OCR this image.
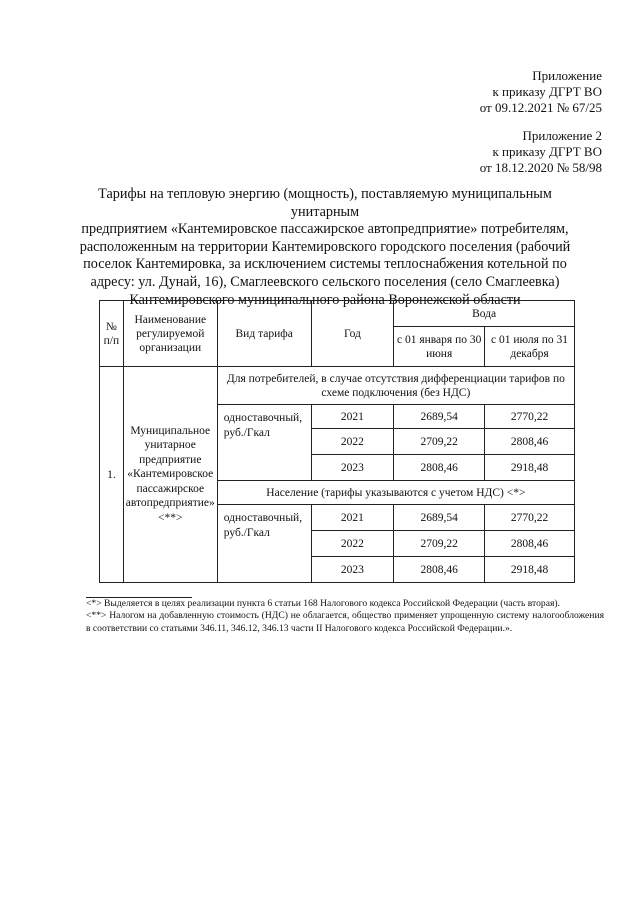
Приложение
к приказу ДГРТ ВО
от 09.12.2021 № 67/25
Приложение 2
к приказу ДГРТ ВО
от 18.12.2020 № 58/98
Тарифы на тепловую энергию (мощность), поставляемую муниципальным унитарным
предприятием «Кантемировское пассажирское автопредприятие» потребителям,
расположенным на территории Кантемировского городского поселения (рабочий
поселок Кантемировка, за исключением системы теплоснабжения котельной по
адресу: ул. Дунай, 16), Смаглеевского сельского поселения (село Смаглеевка)
Кантемировского муниципального района Воронежской области
№ п/п	Наименование регулируемой организации	Вид тарифа	Год	Вода	
				с 01 января по 30 июня	с 01 июля по 31 декабря
1.	Муниципальное унитарное предприятие «Кантемировское пассажирское автопредприятие» <**>	Для потребителей, в случае отсутствия дифференциации тарифов по схеме подключения (без НДС)			
		одноставочный, руб./Гкал	2021	2689,54	2770,22
			2022	2709,22	2808,46
			2023	2808,46	2918,48
		Население (тарифы указываются с учетом НДС) <*>			
		одноставочный, руб./Гкал	2021	2689,54	2770,22
			2022	2709,22	2808,46
			2023	2808,46	2918,48

<*> Выделяется в целях реализации пункта 6 статьи 168 Налогового кодекса Российской Федерации (часть вторая).

<**> Налогом на добавленную стоимость (НДС) не облагается, общество применяет упрощенную систему налогообложения в соответствии со статьями 346.11, 346.12, 346.13 части II Налогового кодекса Российской Федерации.».
